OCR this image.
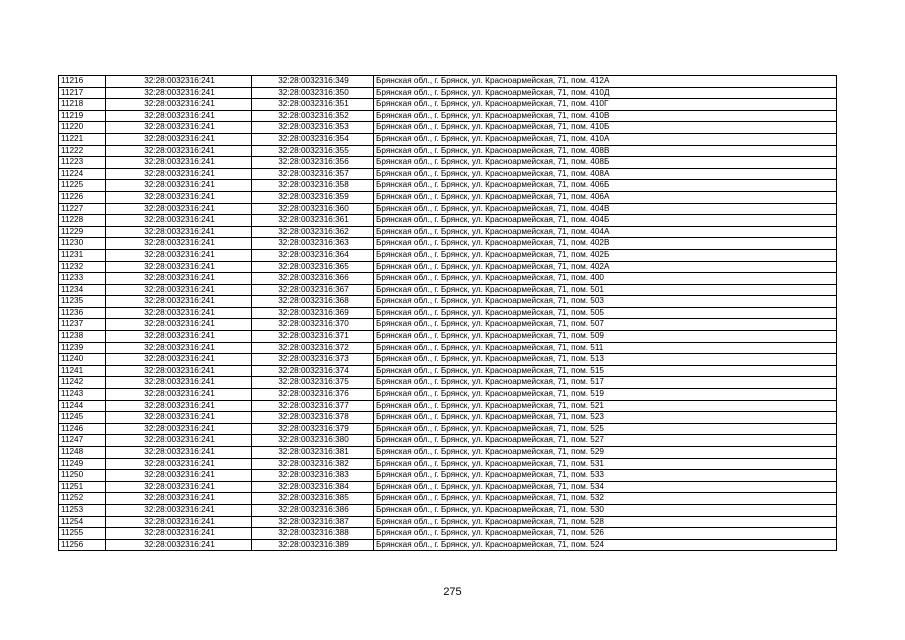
11216	32:28:0032316:241	32:28:0032316:349	Брянская обл., г. Брянск, ул. Красноармейская, 71, пом. 412А
11217	32:28:0032316:241	32:28:0032316:350	Брянская обл., г. Брянск, ул. Красноармейская, 71, пом. 410Д
11218	32:28:0032316:241	32:28:0032316:351	Брянская обл., г. Брянск, ул. Красноармейская, 71, пом. 410Г
11219	32:28:0032316:241	32:28:0032316:352	Брянская обл., г. Брянск, ул. Красноармейская, 71, пом. 410В
11220	32:28:0032316:241	32:28:0032316:353	Брянская обл., г. Брянск, ул. Красноармейская, 71, пом. 410Б
11221	32:28:0032316:241	32:28:0032316:354	Брянская обл., г. Брянск, ул. Красноармейская, 71, пом. 410А
11222	32:28:0032316:241	32:28:0032316:355	Брянская обл., г. Брянск, ул. Красноармейская, 71, пом. 408В
11223	32:28:0032316:241	32:28:0032316:356	Брянская обл., г. Брянск, ул. Красноармейская, 71, пом. 408Б
11224	32:28:0032316:241	32:28:0032316:357	Брянская обл., г. Брянск, ул. Красноармейская, 71, пом. 408А
11225	32:28:0032316:241	32:28:0032316:358	Брянская обл., г. Брянск, ул. Красноармейская, 71, пом. 406Б
11226	32:28:0032316:241	32:28:0032316:359	Брянская обл., г. Брянск, ул. Красноармейская, 71, пом. 406А
11227	32:28:0032316:241	32:28:0032316:360	Брянская обл., г. Брянск, ул. Красноармейская, 71, пом. 404В
11228	32:28:0032316:241	32:28:0032316:361	Брянская обл., г. Брянск, ул. Красноармейская, 71, пом. 404Б
11229	32:28:0032316:241	32:28:0032316:362	Брянская обл., г. Брянск, ул. Красноармейская, 71, пом. 404А
11230	32:28:0032316:241	32:28:0032316:363	Брянская обл., г. Брянск, ул. Красноармейская, 71, пом. 402В
11231	32:28:0032316:241	32:28:0032316:364	Брянская обл., г. Брянск, ул. Красноармейская, 71, пом. 402Б
11232	32:28:0032316:241	32:28:0032316:365	Брянская обл., г. Брянск, ул. Красноармейская, 71, пом. 402А
11233	32:28:0032316:241	32:28:0032316:366	Брянская обл., г. Брянск, ул. Красноармейская, 71, пом. 400
11234	32:28:0032316:241	32:28:0032316:367	Брянская обл., г. Брянск, ул. Красноармейская, 71, пом. 501
11235	32:28:0032316:241	32:28:0032316:368	Брянская обл., г. Брянск, ул. Красноармейская, 71, пом. 503
11236	32:28:0032316:241	32:28:0032316:369	Брянская обл., г. Брянск, ул. Красноармейская, 71, пом. 505
11237	32:28:0032316:241	32:28:0032316:370	Брянская обл., г. Брянск, ул. Красноармейская, 71, пом. 507
11238	32:28:0032316:241	32:28:0032316:371	Брянская обл., г. Брянск, ул. Красноармейская, 71, пом. 509
11239	32:28:0032316:241	32:28:0032316:372	Брянская обл., г. Брянск, ул. Красноармейская, 71, пом. 511
11240	32:28:0032316:241	32:28:0032316:373	Брянская обл., г. Брянск, ул. Красноармейская, 71, пом. 513
11241	32:28:0032316:241	32:28:0032316:374	Брянская обл., г. Брянск, ул. Красноармейская, 71, пом. 515
11242	32:28:0032316:241	32:28:0032316:375	Брянская обл., г. Брянск, ул. Красноармейская, 71, пом. 517
11243	32:28:0032316:241	32:28:0032316:376	Брянская обл., г. Брянск, ул. Красноармейская, 71, пом. 519
11244	32:28:0032316:241	32:28:0032316:377	Брянская обл., г. Брянск, ул. Красноармейская, 71, пом. 521
11245	32:28:0032316:241	32:28:0032316:378	Брянская обл., г. Брянск, ул. Красноармейская, 71, пом. 523
11246	32:28:0032316:241	32:28:0032316:379	Брянская обл., г. Брянск, ул. Красноармейская, 71, пом. 525
11247	32:28:0032316:241	32:28:0032316:380	Брянская обл., г. Брянск, ул. Красноармейская, 71, пом. 527
11248	32:28:0032316:241	32:28:0032316:381	Брянская обл., г. Брянск, ул. Красноармейская, 71, пом. 529
11249	32:28:0032316:241	32:28:0032316:382	Брянская обл., г. Брянск, ул. Красноармейская, 71, пом. 531
11250	32:28:0032316:241	32:28:0032316:383	Брянская обл., г. Брянск, ул. Красноармейская, 71, пом. 533
11251	32:28:0032316:241	32:28:0032316:384	Брянская обл., г. Брянск, ул. Красноармейская, 71, пом. 534
11252	32:28:0032316:241	32:28:0032316:385	Брянская обл., г. Брянск, ул. Красноармейская, 71, пом. 532
11253	32:28:0032316:241	32:28:0032316:386	Брянская обл., г. Брянск, ул. Красноармейская, 71, пом. 530
11254	32:28:0032316:241	32:28:0032316:387	Брянская обл., г. Брянск, ул. Красноармейская, 71, пом. 528
11255	32:28:0032316:241	32:28:0032316:388	Брянская обл., г. Брянск, ул. Красноармейская, 71, пом. 526
11256	32:28:0032316:241	32:28:0032316:389	Брянская обл., г. Брянск, ул. Красноармейская, 71, пом. 524
275
